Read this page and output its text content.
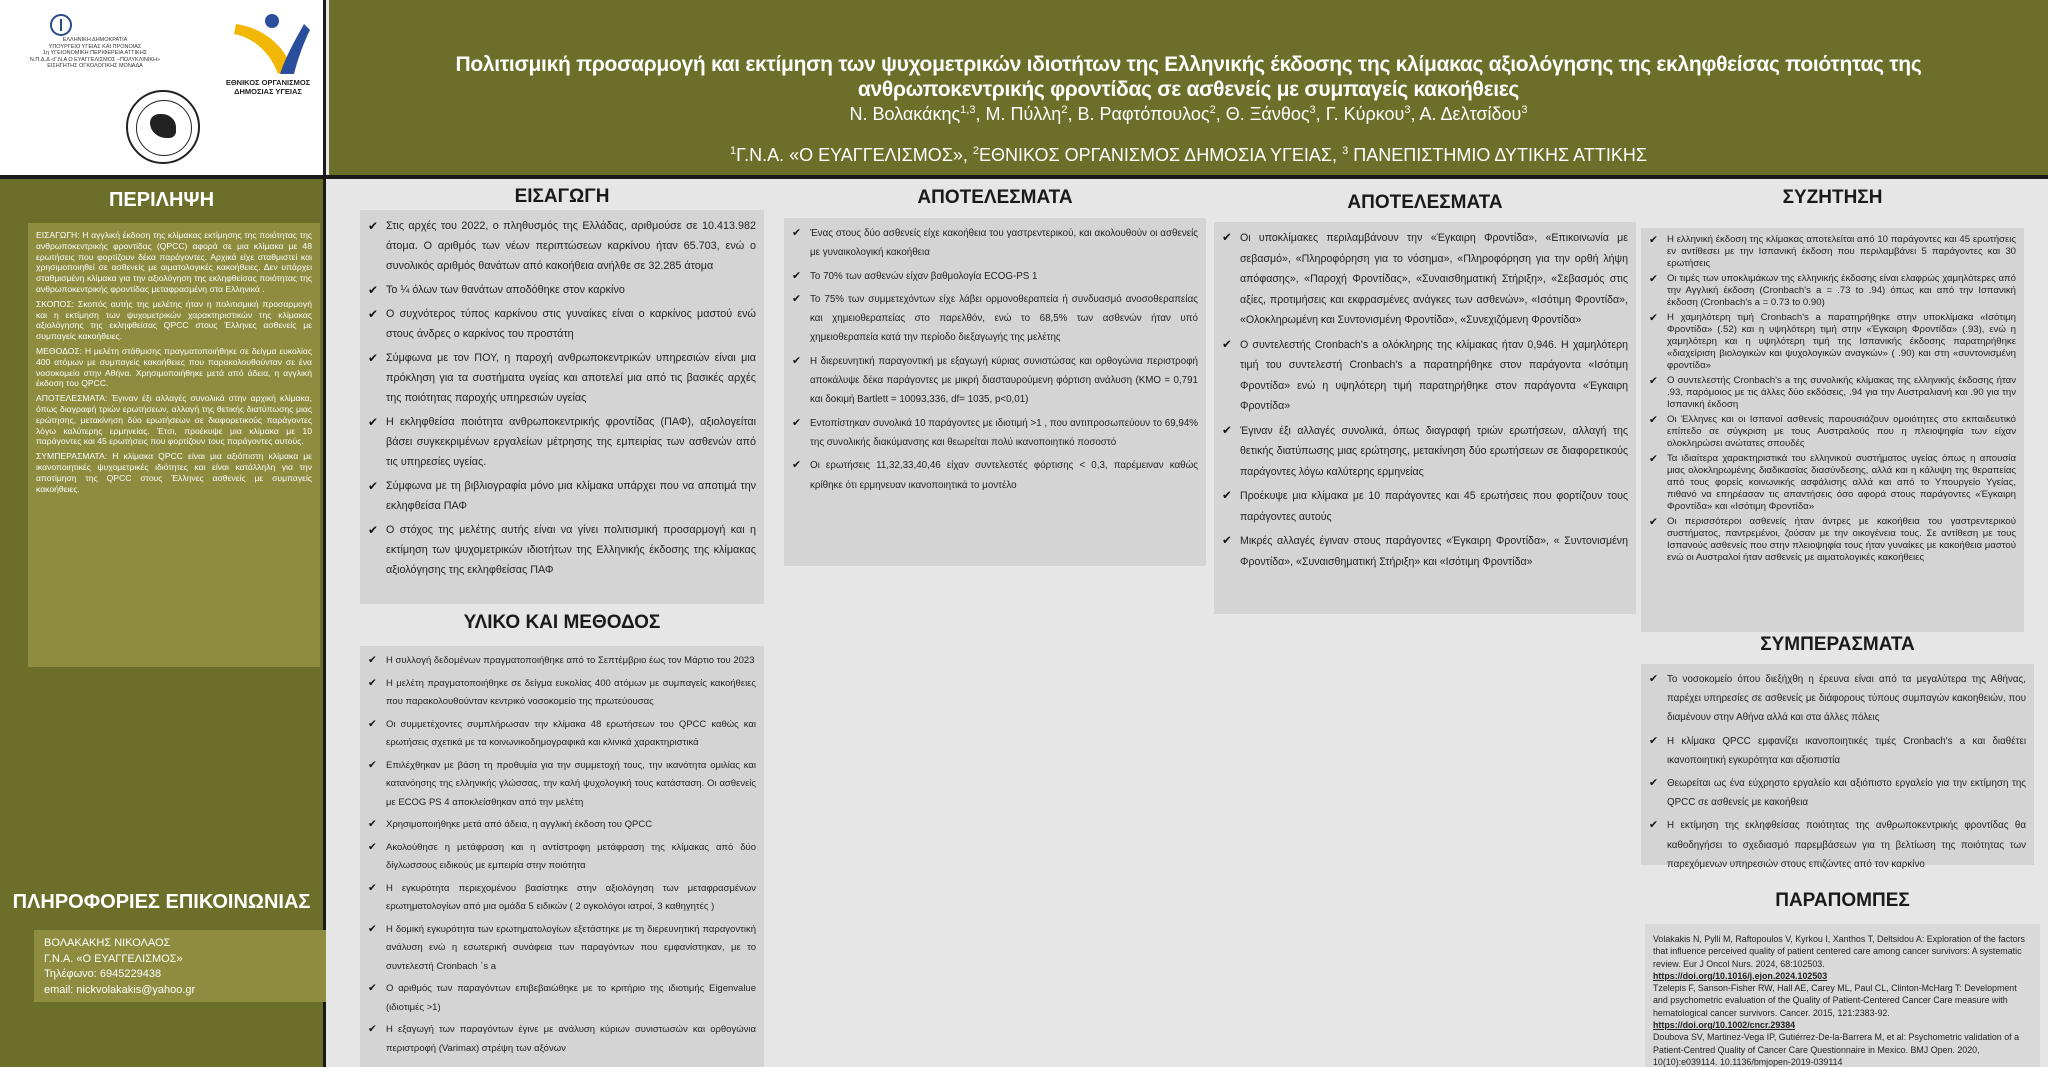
ΕΛΛΗΝΙΚΗ ΔΗΜΟΚΡΑΤΙΑ
ΥΠΟΥΡΓΕΙΟ ΥΓΕΙΑΣ ΚΑΙ ΠΡΟΝΟΙΑΣ
1η ΥΓΕΙΟΝΟΜΙΚΗ ΠΕΡΙΦΕΡΕΙΑ ΑΤΤΙΚΗΣ
Ν.Π.Δ.Δ «Γ.Ν.Α Ο ΕΥΑΓΓΕΛΙΣΜΟΣ –ΠΟΛΥΚΛΙΝΙΚΗ»
ΕΙΣΗΓΗΤΗΣ ΟΓΚΟΛΟΓΙΚΗΣ ΜΟΝΑΔΑ
ΕΘΝΙΚΟΣ ΟΡΓΑΝΙΣΜΟΣ
ΔΗΜΟΣΙΑΣ ΥΓΕΙΑΣ
Πολιτισμική προσαρμογή και εκτίμηση των ψυχομετρικών ιδιοτήτων της Ελληνικής έκδοσης της κλίμακας αξιολόγησης της εκληφθείσας ποιότητας της ανθρωποκεντρικής φροντίδας σε ασθενείς με συμπαγείς κακοήθειες
Ν. Βολακάκης$^{1,3}$, Μ. Πύλλη$^2$, Β. Ραφτόπουλος$^2$, Θ. Ξάνθος$^3$, Γ. Κύρκου$^3$, Α. Δελτσίδου$^3$
$^1$Γ.Ν.Α. «Ο ΕΥΑΓΓΕΛΙΣΜΟΣ», $^2$ΕΘΝΙΚΟΣ ΟΡΓΑΝΙΣΜΟΣ ΔΗΜΟΣΙΑ ΥΓΕΙΑΣ, $^3$ ΠΑΝΕΠΙΣΤΗΜΙΟ ΔΥΤΙΚΗΣ ΑΤΤΙΚΗΣ
ΠΕΡΙΛΗΨΗ

ΕΙΣΑΓΩΓΗ: Η αγγλική έκδοση της κλίμακας εκτίμησης της ποιότητας της ανθρωποκεντρικής φροντίδας (QPCC) αφορά σε μια κλίμακα με 48 ερωτήσεις που φορτίζουν δέκα παράγοντες. Αρχικά είχε σταθμιστεί και χρησιμοποιηθεί σε ασθενείς με αιματολογικές κακοήθειες. Δεν υπάρχει σταθμισμένη κλίμακα για την αξιολόγηση της εκληφθείσας ποιότητας της ανθρωποκεντρικής φροντίδας μεταφρασμένη στα Ελληνικά .

ΣΚΟΠΟΣ: Σκοπός αυτής της μελέτης ήταν η πολιτισμική προσαρμογή και η εκτίμηση των ψυχομετρικών χαρακτηριστικών της κλίμακας αξιολόγησης της εκληφθείσας QPCC στους Έλληνες ασθενείς με συμπαγείς κακοήθειες.

ΜΕΘΟΔΟΣ: Η μελέτη στάθμισης πραγματοποιήθηκε σε δείγμα ευκολίας 400 ατόμων με συμπαγείς κακοήθειες που παρακολουθούνταν σε ένα νοσοκομείο στην Αθήνα. Χρησιμοποιήθηκε μετά από άδεια, η αγγλική έκδοση του QPCC.

ΑΠΟΤΕΛΕΣΜΑΤΑ: Έγιναν έξι αλλαγές συνολικά στην αρχική κλίμακα, όπως διαγραφή τριών ερωτήσεων, αλλαγή της θετικής διατύπωσης μιας ερώτησης, μετακίνηση δύο ερωτήσεων σε διαφορετικούς παράγοντες λόγω καλύτερης ερμηνείας. Έτσι, προέκυψε μια κλίμακα με 10 παράγοντες και 45 ερωτήσεις που φορτίζουν τους παράγοντες αυτούς.

ΣΥΜΠΕΡΑΣΜΑΤΑ: Η κλίμακα QPCC είναι μια αξιόπιστη κλίμακα με ικανοποιητικές ψυχομετρικές ιδιότητες και είναι κατάλληλη για την αποτίμηση της QPCC στους Έλληνες ασθενείς με συμπαγείς κακοήθειες.

ΠΛΗΡΟΦΟΡΙΕΣ ΕΠΙΚΟΙΝΩΝΙΑΣ
ΒΟΛΑΚΑΚΗΣ ΝΙΚΟΛΑΟΣ
Γ.Ν.Α. «Ο ΕΥΑΓΓΕΛΙΣΜΟΣ»
Τηλέφωνο: 6945229438
email: nickvolakakis@yahoo.gr
ΕΙΣΑΓΩΓΗ
✔ Στις αρχές του 2022, ο πληθυσμός της Ελλάδας, αριθμούσε σε 10.413.982 άτομα. Ο αριθμός των νέων περιπτώσεων καρκίνου ήταν 65.703, ενώ ο συνολικός αριθμός θανάτων από κακοήθεια ανήλθε σε 32.285 άτομα
✔ Το ¼ όλων των θανάτων αποδόθηκε στον καρκίνο
✔ Ο συχνότερος τύπος καρκίνου στις γυναίκες είναι ο καρκίνος μαστού ενώ στους άνδρες ο καρκίνος του προστάτη
✔ Σύμφωνα με τον ΠΟΥ, η παροχή ανθρωποκεντρικών υπηρεσιών είναι μια πρόκληση για τα συστήματα υγείας και αποτελεί μια από τις βασικές αρχές της ποιότητας παροχής υπηρεσιών υγείας
✔ Η εκληφθείσα ποιότητα ανθρωποκεντρικής φροντίδας (ΠΑΦ), αξιολογείται βάσει συγκεκριμένων εργαλείων μέτρησης της εμπειρίας των ασθενών από τις υπηρεσίες υγείας.
✔ Σύμφωνα με τη βιβλιογραφία μόνο μια κλίμακα υπάρχει που να αποτιμά την εκληφθείσα ΠΑΦ
✔ Ο στόχος της μελέτης αυτής είναι να γίνει πολιτισμική προσαρμογή και η εκτίμηση των ψυχομετρικών ιδιοτήτων της Ελληνικής έκδοσης της κλίμακας αξιολόγησης της εκληφθείσας ΠΑΦ
ΥΛΙΚΟ ΚΑΙ ΜΕΘΟΔΟΣ
✔ Η συλλογή δεδομένων πραγματοποιήθηκε από το Σεπτέμβριο έως τον Μάρτιο του 2023
✔ Η μελέτη πραγματοποιήθηκε σε δείγμα ευκολίας 400 ατόμων με συμπαγείς κακοήθειες που παρακολουθούνταν κεντρικό νοσοκομείο της πρωτεύουσας
✔ Οι συμμετέχοντες συμπλήρωσαν την κλίμακα 48 ερωτήσεων του QPCC καθώς και ερωτήσεις σχετικά με τα κοινωνικοδημογραφικά και κλινικά χαρακτηριστικά
✔ Επιλέχθηκαν με βάση τη προθυμία για την συμμετοχή τους, την ικανότητα ομιλίας και κατανόησης της ελληνικής γλώσσας, την καλή ψυχολογική τους κατάσταση. Οι ασθενείς με ECOG PS 4 αποκλείσθηκαν από την μελέτη
✔ Χρησιμοποιήθηκε μετά από άδεια, η αγγλική έκδοση του QPCC
✔ Ακολούθησε η μετάφραση και η αντίστροφη μετάφραση της κλίμακας από δύο δίγλωσσους ειδικούς με εμπειρία στην ποιότητα
✔ Η εγκυρότητα περιεχομένου βασίστηκε στην αξιολόγηση των μεταφρασμένων ερωτηματολογίων από μια ομάδα 5 ειδικών ( 2 ογκολόγοι ιατροί, 3 καθηγητές )
✔ Η δομική εγκυρότητα των ερωτηματολογίων εξετάστηκε με τη διερευνητική παραγοντική ανάλυση ενώ η εσωτερική συνάφεια των παραγόντων που εμφανίστηκαν, με το συντελεστή Cronbach ΄s a
✔ Ο αριθμός των παραγόντων επιβεβαιώθηκε με το κριτήριο της ιδιοτιμής Eigenvalue (ιδιοτιμές >1)
✔ Η εξαγωγή των παραγόντων έγινε με ανάλυση κύριων συνιστωσών και ορθογώνια περιστροφή (Varimax) στρέψη των αξόνων
ΑΠΟΤΕΛΕΣΜΑΤΑ
✔ Ένας στους δύο ασθενείς είχε κακοήθεια του γαστρεντερικού, και ακολουθούν οι ασθενείς με γυναικολογική κακοήθεια
✔ Το 70% των ασθενών είχαν βαθμολογία ECOG-PS 1
✔ Το 75% των συμμετεχόντων είχε λάβει ορμονοθεραπεία ή συνδυασμό ανοσοθεραπείας και χημειοθεραπείας στο παρελθόν, ενώ το 68,5% των ασθενών ήταν υπό χημειοθεραπεία κατά την περίοδο διεξαγωγής της μελέτης
✔ Η διερευνητική παραγοντική με εξαγωγή κύριας συνιστώσας και ορθογώνια περιστροφή αποκάλυψε δέκα παράγοντες με μικρή διασταυρούμενη φόρτιση ανάλυση (ΚΜΟ = 0,791 και δοκιμή Bartlett = 10093,336, df= 1035, p<0,01)
✔ Εντοπίστηκαν συνολικά 10 παράγοντες με ιδιοτιμή >1 , που αντιπροσωπεύουν το 69,94% της συνολικής διακύμανσης και θεωρείται πολύ ικανοποιητικό ποσοστό
✔ Οι ερωτήσεις 11,32,33,40,46 είχαν συντελεστές φόρτισης < 0,3, παρέμειναν καθώς κρίθηκε ότι ερμηνευαν ικανοποιητικά το μοντέλο
ΑΠΟΤΕΛΕΣΜΑΤΑ
✔ Οι υποκλίμακες περιλαμβάνουν την «Έγκαιρη Φροντίδα», «Επικοινωνία με σεβασμό», «Πληροφόρηση για το νόσημα», «Πληροφόρηση για την ορθή λήψη απόφασης», «Παροχή Φροντίδας», «Συναισθηματική Στήριξη», «Σεβασμός στις αξίες, προτιμήσεις και εκφρασμένες ανάγκες των ασθενών», «Ισότιμη Φροντίδα», «Ολοκληρωμένη και Συντονισμένη Φροντίδα», «Συνεχιζόμενη Φροντίδα»
✔ Ο συντελεστής Cronbach's a ολόκληρης της κλίμακας ήταν 0,946. Η χαμηλότερη τιμή του συντελεστή Cronbach's a παρατηρήθηκε στον παράγοντα «Ισότιμη Φροντίδα» ενώ η υψηλότερη τιμή παρατηρήθηκε στον παράγοντα «Έγκαιρη Φροντίδα»
✔ Έγιναν έξι αλλαγές συνολικά, όπως διαγραφή τριών ερωτήσεων, αλλαγή της θετικής διατύπωσης μιας ερώτησης, μετακίνηση δύο ερωτήσεων σε διαφορετικούς παράγοντες λόγω καλύτερης ερμηνείας
✔ Προέκυψε μια κλίμακα με 10 παράγοντες και 45 ερωτήσεις που φορτίζουν τους παράγοντες αυτούς
✔ Μικρές αλλαγές έγιναν στους παράγοντες «Έγκαιρη Φροντίδα», « Συντονισμένη Φροντίδα», «Συναισθηματική Στήριξη» και «Ισότιμη Φροντίδα»
ΣΥΖΗΤΗΣΗ
✔ Η ελληνική έκδοση της κλίμακας αποτελείται από 10 παράγοντες και 45 ερωτήσεις εν αντίθεσει με την Ισπανική έκδοση που περιλαμβάνει 5 παράγοντες και 30 ερωτήσεις
✔ Οι τιμές των υποκλιμάκων της ελληνικής έκδοσης είναι ελαφρώς χαμηλότερες από την Αγγλική έκδοση (Cronbach's a = .73 to .94) όπως και από την Ισπανική έκδοση (Cronbach's a = 0.73 to 0.90)
✔ Η χαμηλότερη τιμή Cronbach's a παρατηρήθηκε στην υποκλίμακα «Ισότιμη Φροντίδα» (.52) και η υψηλότερη τιμή στην «Έγκαιρη Φροντίδα» (.93), ενώ η χαμηλότερη και η υψηλότερη τιμή της Ισπανικής έκδοσης παρατηρήθηκε «διαχείριση βιολογικών και ψυχολογικών αναγκών» ( .90) και στη «συντονισμένη φροντίδα»
✔ Ο συντελεστής Cronbach's a της συνολικής κλίμακας της ελληνικής έκδοσης ήταν .93, παρόμοιος με τις άλλες δύο εκδόσεις, .94 για την Αυστραλιανή και .90 για την Ισπανική έκδοση
✔ Οι Έλληνες και οι Ισπανοί ασθενείς παρουσιάζουν ομοιότητες στο εκπαιδευτικό επίπεδο σε σύγκριση με τους Αυστραλούς που η πλειοψηφία των είχαν ολοκληρώσει ανώτατες σπουδές
✔ Τα ιδιαίτερα χαρακτηριστικά του ελληνικού συστήματος υγείας όπως η απουσία μιας ολοκληρωμένης διαδικασίας διασύνδεσης, αλλά και η κάλυψη της θεραπείας από τους φορείς κοινωνικής ασφάλισης αλλά και από το Υπουργείο Υγείας, πιθανό να επηρέασαν τις απαντήσεις όσο αφορά στους παράγοντες «Έγκαιρη Φροντίδα» και «Ισότιμη Φροντίδα»
✔ Οι περισσότεροι ασθενείς ήταν άντρες με κακοήθεια του γαστρεντερικού συστήματος, παντρεμένοι, ζούσαν με την οικογένεια τους. Σε αντίθεση με τους Ισπανούς ασθενείς που στην πλειοψηφία τους ήταν γυναίκες με κακοήθεια μαστού ενώ οι Αυστραλοί ήταν ασθενείς με αιματολογικές κακοήθειες
ΣΥΜΠΕΡΑΣΜΑΤΑ
✔ Το νοσοκομείο όπου διεξήχθη η έρευνα είναι από τα μεγαλύτερα της Αθήνας, παρέχει υπηρεσίες σε ασθενείς με διάφορους τύπους συμπαγών κακοηθειών, που διαμένουν στην Αθήνα αλλά και στα άλλες πόλεις
✔ Η κλίμακα QPCC εμφανίζει ικανοποιητικές τιμές Cronbach's a και διαθέτει ικανοποιητική εγκυρότητα και αξιοπιστία
✔ Θεωρείται ως ένα εύχρηστο εργαλείο και αξιόπιστο εργαλείο για την εκτίμηση της QPCC σε ασθενείς με κακοήθεια
✔ Η εκτίμηση της εκληφθείσας ποιότητας της ανθρωποκεντρικής φροντίδας θα καθοδηγήσει το σχεδιασμό παρεμβάσεων για τη βελτίωση της ποιότητας των παρεχόμενων υπηρεσιών στους επιζώντες από τον καρκίνο
ΠΑΡΑΠΟΜΠΕΣ
Volakakis N, Pylli M, Raftopoulos V, Kyrkou I, Xanthos T, Deltsidou A: Exploration of the factors that influence perceived quality of patient centered care among cancer survivors: A systematic review. Eur J Oncol Nurs. 2024, 68:102503.
https://doi.org/10.1016/j.ejon.2024.102503
Tzelepis F, Sanson-Fisher RW, Hall AE, Carey ML, Paul CL, Clinton-McHarg T: Development and psychometric evaluation of the Quality of Patient-Centered Cancer Care measure with hematological cancer survivors. Cancer. 2015, 121:2383-92.
https://doi.org/10.1002/cncr.29384
Doubova SV, Martinez-Vega IP, Gutiérrez-De-la-Barrera M, et al: Psychometric validation of a Patient-Centred Quality of Cancer Care Questionnaire in Mexico. BMJ Open. 2020, 10(10):e039114. 10.1136/bmjopen-2019-039114
